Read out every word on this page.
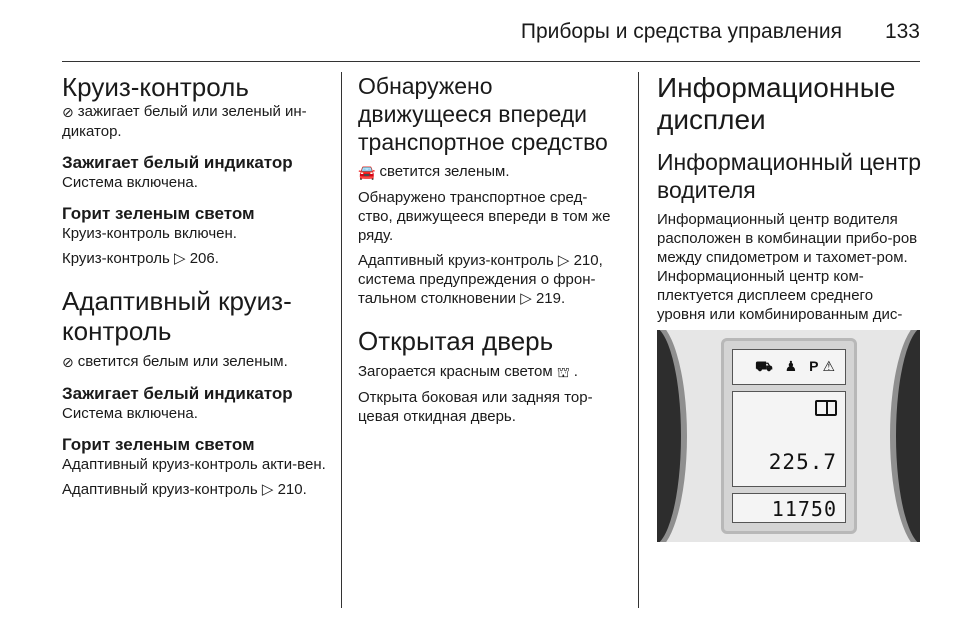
Приборы и средства управления 133
Круиз-контроль

⊘ зажигает белый или зеленый ин-дикатор.

Зажигает белый индикатор

Система включена.

Горит зеленым светом

Круиз-контроль включен.

Круиз-контроль ▷ 206.

Адаптивный круиз-контроль

⊘ светится белым или зеленым.

Зажигает белый индикатор

Система включена.

Горит зеленым светом

Адаптивный круиз-контроль акти-вен.

Адаптивный круиз-контроль ▷ 210.

Обнаружено движущееся впереди транспортное средство

🚘 светится зеленым.

Обнаружено транспортное сред-ство, движущееся впереди в том же ряду.

Адаптивный круиз-контроль ▷ 210, система предупреждения о фрон-тальном столкновении ▷ 219.

Открытая дверь

Загорается красным светом ⛫ .

Открыта боковая или задняя тор-цевая откидная дверь.

Информационные дисплеи
Информационный центр водителя

Информационный центр водителя расположен в комбинации прибо-ров между спидометром и тахомет-ром. Информационный центр ком-плектуется дисплеем среднего уровня или комбинированным дис-

⛟ ♟ P⚠
225.7
11750
